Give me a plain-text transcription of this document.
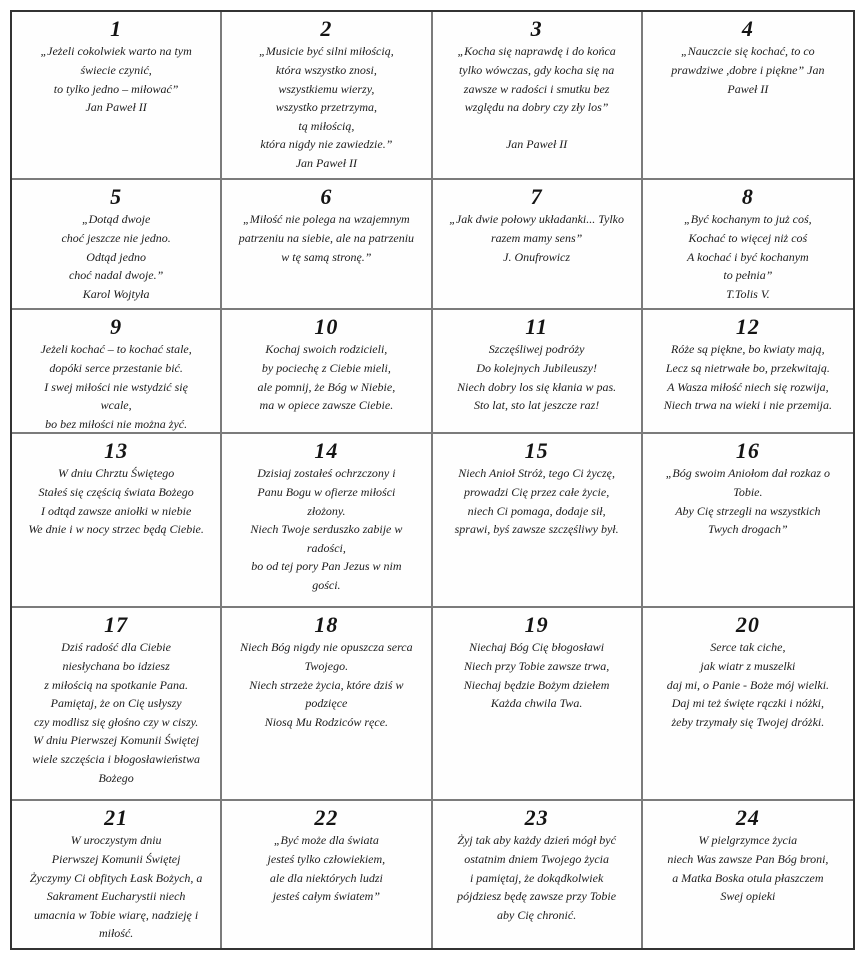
1
„Jeżeli cokolwiek warto na tym
świecie czynić,
to tylko jedno – miłować”
Jan Paweł II
2
„Musicie być silni miłością,
która wszystko znosi,
wszystkiemu wierzy,
wszystko przetrzyma,
tą miłością,
która nigdy nie zawiedzie.”
Jan Paweł II
3
„Kocha się naprawdę i do końca
tylko wówczas, gdy kocha się na
zawsze w radości i smutku bez
względu na dobry czy zły los”
Jan Paweł II
4
„Nauczcie się kochać, to co
prawdziwe ,dobre i piękne” Jan
Paweł II
5
„Dotąd dwoje
choć jeszcze nie jedno.
Odtąd jedno
choć nadal dwoje.”
Karol Wojtyła
6
„Miłość nie polega na wzajemnym
patrzeniu na siebie, ale na patrzeniu
w tę samą stronę.”
7
„Jak dwie połowy układanki... Tylko
razem mamy sens”
J. Onufrowicz
8
„Być kochanym to już coś,
Kochać to więcej niż coś
A kochać i być kochanym
to pełnia”
T.Tolis V.
9
Jeżeli kochać – to kochać stale,
dopóki serce przestanie bić.
I swej miłości nie wstydzić się
wcale,
bo bez miłości nie można żyć.
10
Kochaj swoich rodzicieli,
by pociechę z Ciebie mieli,
ale pomnij, że Bóg w Niebie,
ma w opiece zawsze Ciebie.
11
Szczęśliwej podróży
Do kolejnych Jubileuszy!
Niech dobry los się kłania w pas.
Sto lat, sto lat jeszcze raz!
12
Róże są piękne, bo kwiaty mają,
Lecz są nietrwałe bo, przekwitają.
A Wasza miłość niech się rozwija,
Niech trwa na wieki i nie przemija.
13
W dniu Chrztu Świętego
Stałeś się częścią świata Bożego
I odtąd zawsze aniołki w niebie
We dnie i w nocy strzec będą Ciebie.
14
Dzisiaj zostałeś ochrzczony i
Panu Bogu w ofierze miłości
złożony.
Niech Twoje serduszko zabije w
radości,
bo od tej pory Pan Jezus w nim
gości.
15
Niech Anioł Stróż, tego Ci życzę,
prowadzi Cię przez całe życie,
niech Ci pomaga, dodaje sił,
sprawi, byś zawsze szczęśliwy był.
16
„Bóg swoim Aniołom dał rozkaz o
Tobie.
Aby Cię strzegli na wszystkich
Twych drogach”
17
Dziś radość dla Ciebie
niesłychana bo idziesz
z miłością na spotkanie Pana.
Pamiętaj, że on Cię usłyszy
czy modlisz się głośno czy w ciszy.
W dniu Pierwszej Komunii Świętej
wiele szczęścia i błogosławieństwa
Bożego
18
Niech Bóg nigdy nie opuszcza serca
Twojego.
Niech strzeże życia, które dziś w
podzięce
Niosą Mu Rodziców ręce.
19
Niechaj Bóg Cię błogosławi
Niech przy Tobie zawsze trwa,
Niechaj będzie Bożym dziełem
Każda chwila Twa.
20
Serce tak ciche,
jak wiatr z muszelki
daj mi, o Panie - Boże mój wielki.
Daj mi też święte rączki i nóżki,
żeby trzymały się Twojej dróżki.
21
W uroczystym dniu
Pierwszej Komunii Świętej
Życzymy Ci obfitych Łask Bożych, a
Sakrament Eucharystii niech
umacnia w Tobie wiarę, nadzieję i
miłość.
22
„Być może dla świata
jesteś tylko człowiekiem,
ale dla niektórych ludzi
jesteś całym światem”
23
Żyj tak aby każdy dzień mógł być
ostatnim dniem Twojego życia
i pamiętaj, że dokądkolwiek
pójdziesz będę zawsze przy Tobie
aby Cię chronić.
24
W pielgrzymce życia
niech Was zawsze Pan Bóg broni,
a Matka Boska otula płaszczem
Swej opieki
